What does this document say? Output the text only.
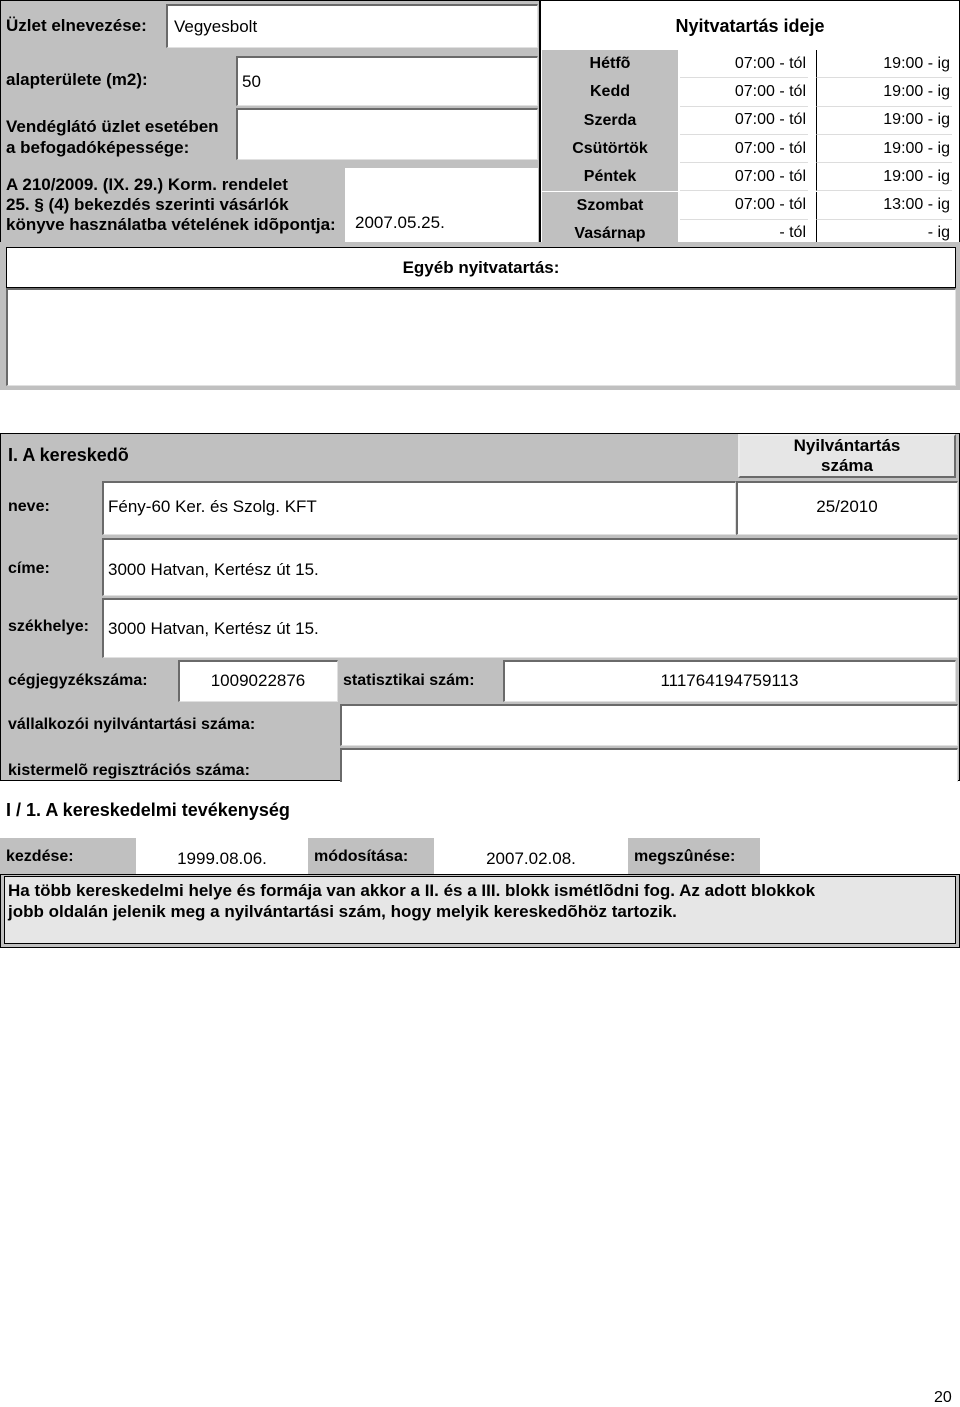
Üzlet elnevezése:	Vegyesbolt
alapterülete (m2):	50
Vendéglátó üzlet esetében
a befogadóképessége:
A 210/2009. (IX. 29.) Korm. rendelet
25. § (4) bekezdés szerinti vásárlók
könyve használatba vételének idõpontja: 2007.05.25.
Nyitvatartás ideje
Hétfõ	07:00 - tól	19:00 - ig
Kedd	07:00 - tól	19:00 - ig
Szerda	07:00 - tól	19:00 - ig
Csütörtök	07:00 - tól	19:00 - ig
Péntek	07:00 - tól	19:00 - ig
Szombat	07:00 - tól	13:00 - ig
Vasárnap	- tól	- ig
Egyéb nyitvatartás:
I. A kereskedõ	Nyilvántartás
száma
neve:	Fény-60 Ker. és Szolg. KFT	25/2010
címe:	3000 Hatvan, Kertész út 15.
székhelye:	3000 Hatvan, Kertész út 15.
cégjegyzékszáma:	1009022876	statisztikai szám:	111764194759113
vállalkozói nyilvántartási száma:
kistermelõ regisztrációs száma:
I / 1. A kereskedelmi tevékenység
kezdése:	1999.08.06.	módosítása:	2007.02.08.	megszûnése:
Ha több kereskedelmi helye és formája van akkor a II. és a III. blokk ismétlõdni fog. Az adott blokkok jobb oldalán jelenik meg a nyilvántartási szám, hogy melyik kereskedõhöz tartozik.
20
